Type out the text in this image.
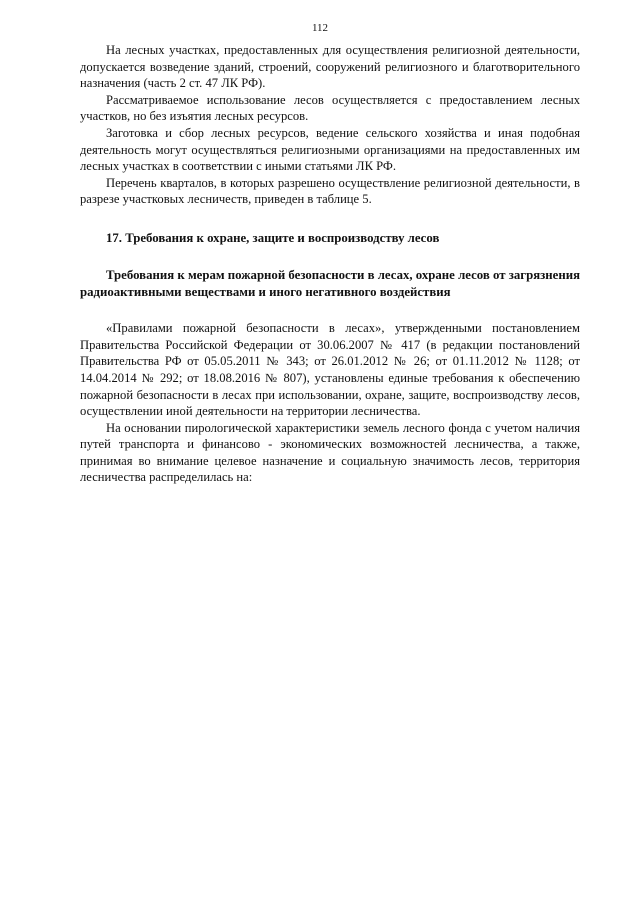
112

На лесных участках, предоставленных для осуществления религиозной деятельности, допускается возведение зданий, строений, сооружений религиозного и благотворительного назначения (часть 2 ст. 47 ЛК РФ).

Рассматриваемое использование лесов осуществляется с предоставлением лесных участков, но без изъятия лесных ресурсов.

Заготовка и сбор лесных ресурсов, ведение сельского хозяйства и иная подобная деятельность могут осуществляться религиозными организациями на предоставленных им лесных участках в соответствии с иными статьями ЛК РФ.

Перечень кварталов, в которых разрешено осуществление религиозной деятельности, в разрезе участковых лесничеств, приведен в таблице 5.

17. Требования к охране, защите и воспроизводству лесов
Требования к мерам пожарной безопасности в лесах, охране лесов от загрязнения радиоактивными веществами и иного негативного воздействия

«Правилами пожарной безопасности в лесах», утвержденными постановлением Правительства Российской Федерации от 30.06.2007 № 417 (в редакции постановлений Правительства РФ от 05.05.2011 № 343; от 26.01.2012 № 26; от 01.11.2012 № 1128; от 14.04.2014 № 292; от 18.08.2016 № 807), установлены единые требования к обеспечению пожарной безопасности в лесах при использовании, охране, защите, воспроизводству лесов, осуществлении иной деятельности на территории лесничества.

На основании пирологической характеристики земель лесного фонда с учетом наличия путей транспорта и финансово - экономических возможностей лесничества, а также, принимая во внимание целевое назначение и социальную значимость лесов, территория лесничества распределилась на:
